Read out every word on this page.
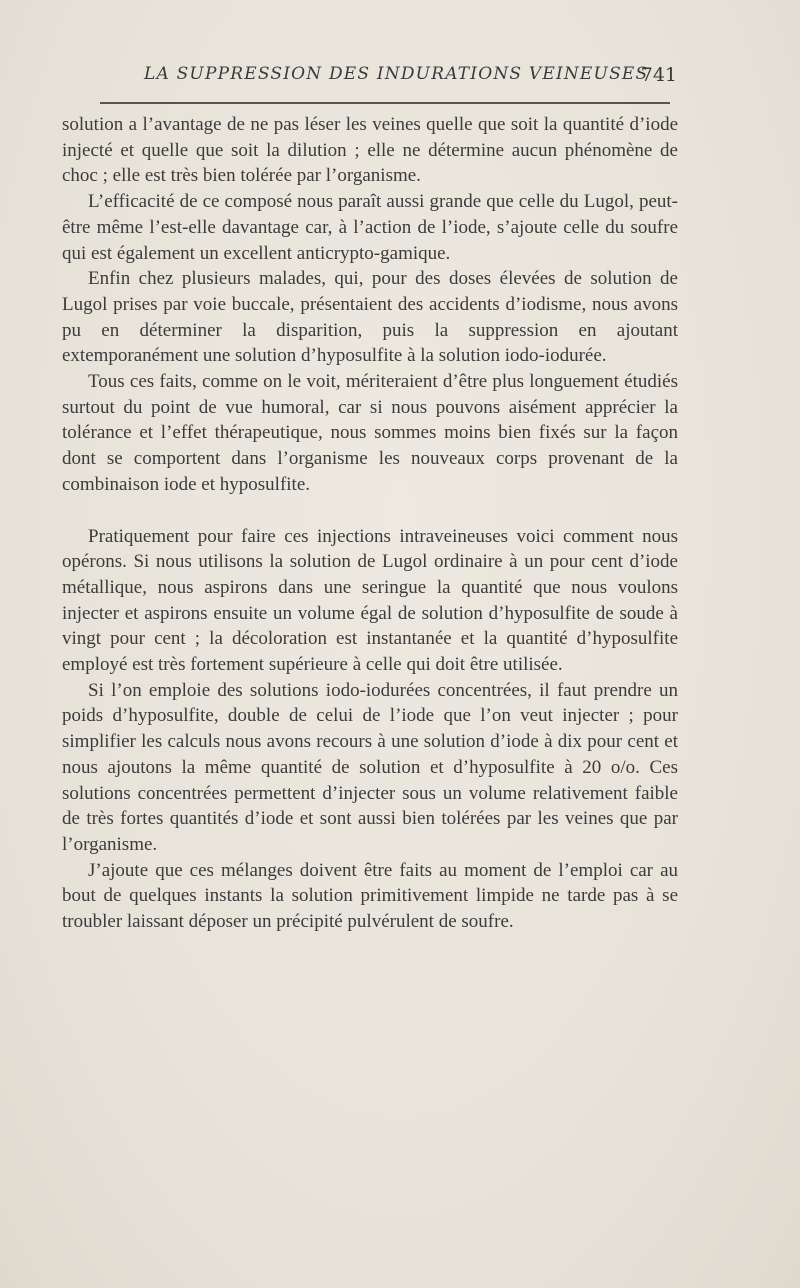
LA SUPPRESSION DES INDURATIONS VEINEUSES
741

solution a l’avantage de ne pas léser les veines quelle que soit la quantité d’iode injecté et quelle que soit la dilution ; elle ne détermine aucun phénomène de choc ; elle est très bien tolérée par l’organisme.

L’efficacité de ce composé nous paraît aussi grande que celle du Lugol, peut-être même l’est-elle davantage car, à l’action de l’iode, s’ajoute celle du soufre qui est également un excellent anticrypto-gamique.

Enfin chez plusieurs malades, qui, pour des doses élevées de solution de Lugol prises par voie buccale, présentaient des accidents d’iodisme, nous avons pu en déterminer la disparition, puis la suppression en ajoutant extemporanément une solution d’hyposulfite à la solution iodo-iodurée.

Tous ces faits, comme on le voit, mériteraient d’être plus longuement étudiés surtout du point de vue humoral, car si nous pouvons aisément apprécier la tolérance et l’effet thérapeutique, nous sommes moins bien fixés sur la façon dont se comportent dans l’organisme les nouveaux corps provenant de la combinaison iode et hyposulfite.

Pratiquement pour faire ces injections intraveineuses voici comment nous opérons. Si nous utilisons la solution de Lugol ordinaire à un pour cent d’iode métallique, nous aspirons dans une seringue la quantité que nous voulons injecter et aspirons ensuite un volume égal de solution d’hyposulfite de soude à vingt pour cent ; la décoloration est instantanée et la quantité d’hyposulfite employé est très fortement supérieure à celle qui doit être utilisée.

Si l’on emploie des solutions iodo-iodurées concentrées, il faut prendre un poids d’hyposulfite, double de celui de l’iode que l’on veut injecter ; pour simplifier les calculs nous avons recours à une solution d’iode à dix pour cent et nous ajoutons la même quantité de solution et d’hyposulfite à 20 o/o. Ces solutions concentrées permettent d’injecter sous un volume relativement faible de très fortes quantités d’iode et sont aussi bien tolérées par les veines que par l’organisme.

J’ajoute que ces mélanges doivent être faits au moment de l’emploi car au bout de quelques instants la solution primitivement limpide ne tarde pas à se troubler laissant déposer un précipité pulvérulent de soufre.
